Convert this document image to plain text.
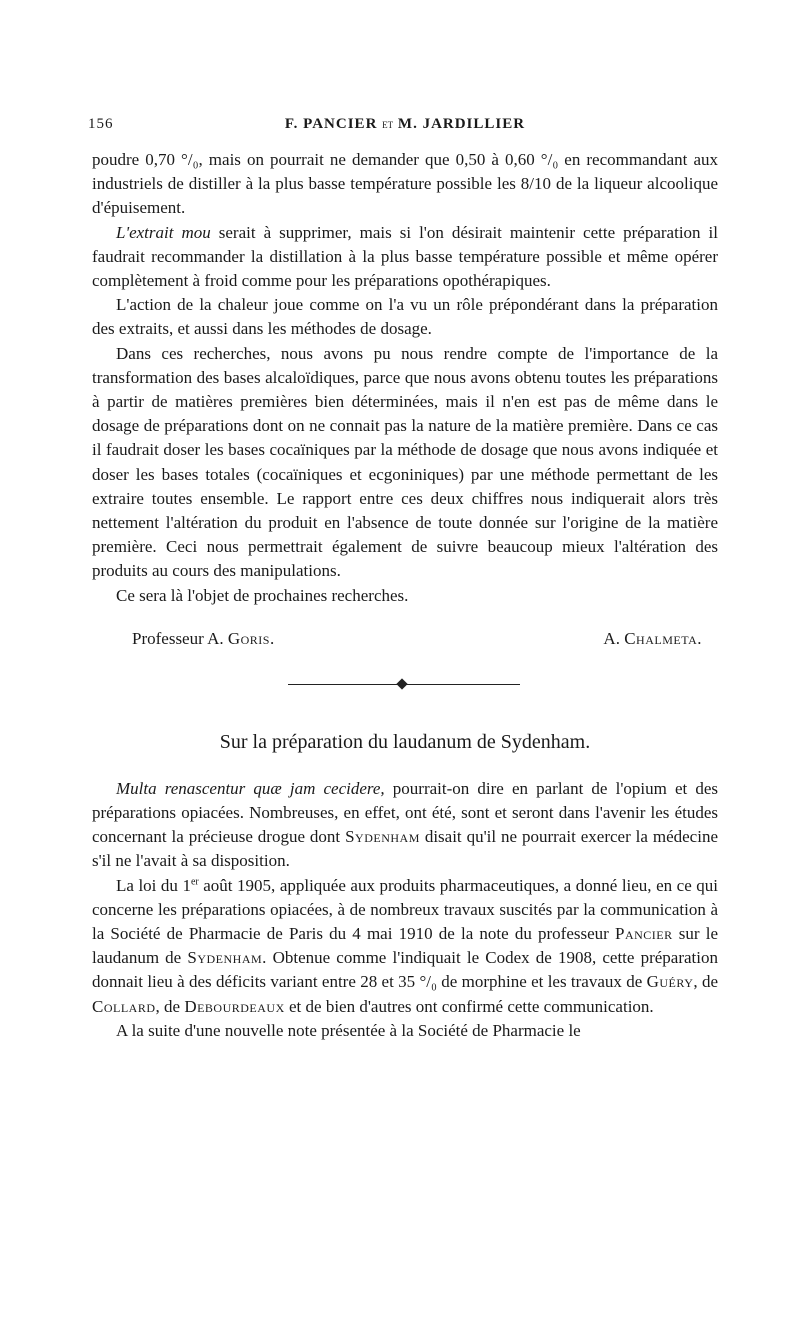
156	F. PANCIER et M. JARDILLIER

poudre 0,70 °/₀, mais on pourrait ne demander que 0,50 à 0,60 °/₀ en recommandant aux industriels de distiller à la plus basse température possible les 8/10 de la liqueur alcoolique d'épuisement.

L'extrait mou serait à supprimer, mais si l'on désirait maintenir cette préparation il faudrait recommander la distillation à la plus basse température possible et même opérer complètement à froid comme pour les préparations opothérapiques.

L'action de la chaleur joue comme on l'a vu un rôle prépondérant dans la préparation des extraits, et aussi dans les méthodes de dosage.

Dans ces recherches, nous avons pu nous rendre compte de l'importance de la transformation des bases alcaloïdiques, parce que nous avons obtenu toutes les préparations à partir de matières premières bien déterminées, mais il n'en est pas de même dans le dosage de préparations dont on ne connait pas la nature de la matière première. Dans ce cas il faudrait doser les bases cocaïniques par la méthode de dosage que nous avons indiquée et doser les bases totales (cocaïniques et ecgoniniques) par une méthode permettant de les extraire toutes ensemble. Le rapport entre ces deux chiffres nous indiquerait alors très nettement l'altération du produit en l'absence de toute donnée sur l'origine de la matière première. Ceci nous permettrait également de suivre beaucoup mieux l'altération des produits au cours des manipulations.

Ce sera là l'objet de prochaines recherches.

Professeur A. Goris.	A. Chalmeta.
Sur la préparation du laudanum de Sydenham.

Multa renascentur quæ jam cecidere, pourrait-on dire en parlant de l'opium et des préparations opiacées. Nombreuses, en effet, ont été, sont et seront dans l'avenir les études concernant la précieuse drogue dont Sydenham disait qu'il ne pourrait exercer la médecine s'il ne l'avait à sa disposition.

La loi du 1er août 1905, appliquée aux produits pharmaceutiques, a donné lieu, en ce qui concerne les préparations opiacées, à de nombreux travaux suscités par la communication à la Société de Pharmacie de Paris du 4 mai 1910 de la note du professeur Pancier sur le laudanum de Sydenham. Obtenue comme l'indiquait le Codex de 1908, cette préparation donnait lieu à des déficits variant entre 28 et 35 °/₀ de morphine et les travaux de Guéry, de Collard, de Debourdeaux et de bien d'autres ont confirmé cette communication.

A la suite d'une nouvelle note présentée à la Société de Pharmacie le
